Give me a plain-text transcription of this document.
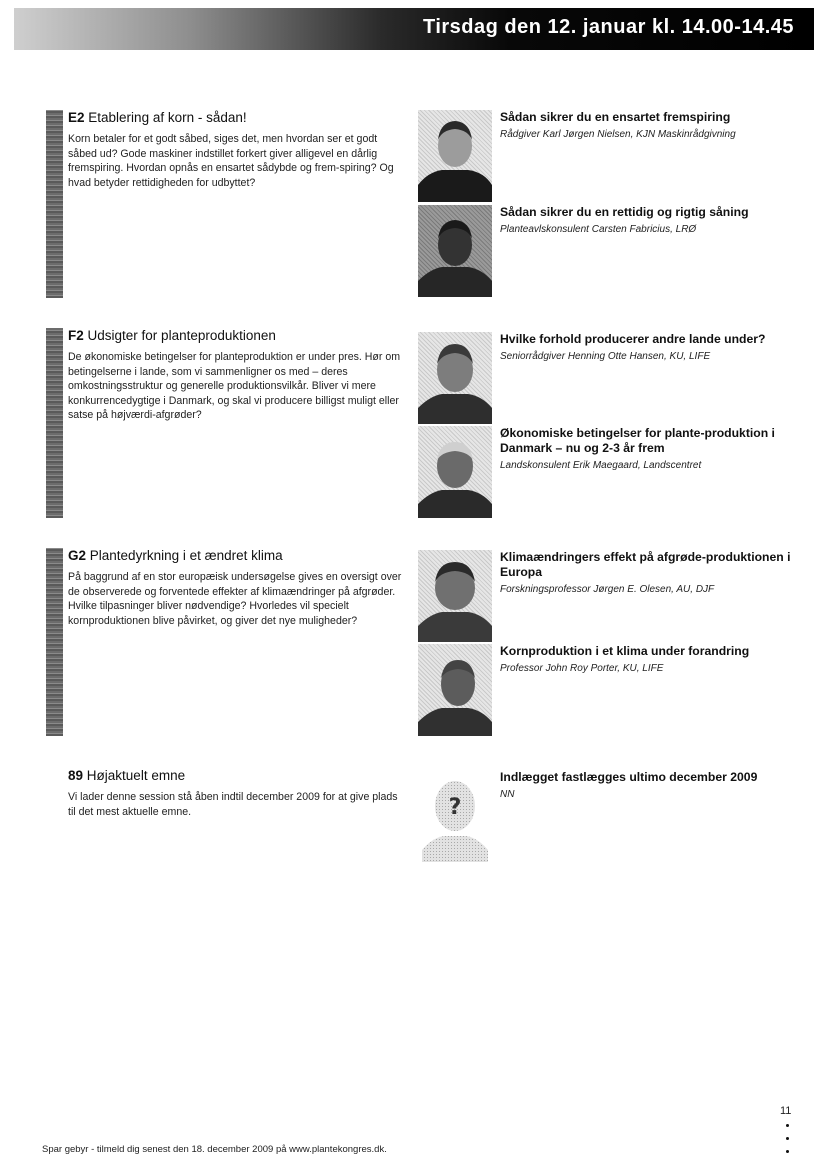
Tirsdag den 12. januar kl. 14.00-14.45

E2 Etablering af korn - sådan!

Korn betaler for et godt såbed, siges det, men hvordan ser et godt såbed ud? Gode maskiner indstillet forkert giver alligevel en dårlig fremspiring. Hvordan opnås en ensartet sådybde og frem-spiring? Og hvad betyder rettidigheden for udbyttet?

Sådan sikrer du en ensartet fremspiring

Rådgiver Karl Jørgen Nielsen, KJN Maskinrådgivning

Sådan sikrer du en rettidig og rigtig såning

Planteavlskonsulent Carsten Fabricius, LRØ

F2 Udsigter for planteproduktionen

De økonomiske betingelser for planteproduktion er under pres. Hør om betingelserne i lande, som vi sammenligner os med – deres omkostningsstruktur og generelle produktionsvilkår. Bliver vi mere konkurrencedygtige i Danmark, og skal vi producere billigst muligt eller satse på højværdi-afgrøder?

Hvilke forhold producerer andre lande under?

Seniorrådgiver Henning Otte Hansen, KU, LIFE

Økonomiske betingelser for plante-produktion i Danmark – nu og 2-3 år frem

Landskonsulent Erik Maegaard, Landscentret

G2 Plantedyrkning i et ændret klima

På baggrund af en stor europæisk undersøgelse gives en oversigt over de observerede og forventede effekter af klimaændringer på afgrøder. Hvilke tilpasninger bliver nødvendige? Hvorledes vil specielt kornproduktionen blive påvirket, og giver det nye muligheder?

Klimaændringers effekt på afgrøde-produktionen i Europa

Forskningsprofessor Jørgen E. Olesen, AU, DJF

Kornproduktion i et klima under forandring

Professor John Roy Porter, KU, LIFE

89 Højaktuelt emne

Vi lader denne session stå åben indtil december 2009 for at give plads til det mest aktuelle emne.	?

Indlægget fastlægges ultimo december 2009

NN

Spar gebyr - tilmeld dig senest den 18. december 2009 på www.plantekongres.dk.
11
